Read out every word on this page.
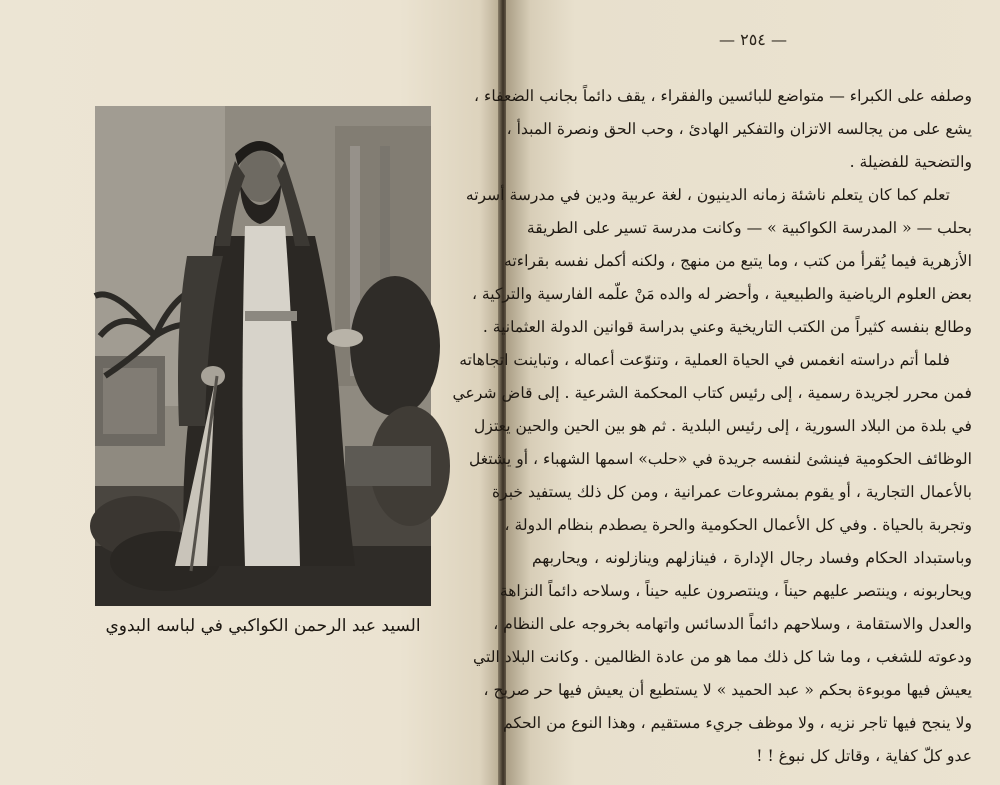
السيد عبد الرحمن الكواكبي في لباسه البدوي
— ٢٥٤ —
وصلفه على الكبراء — متواضع للبائسين والفقراء ، يقف دائماً بجانب الضعفاء ،
يشع على من يجالسه الاتزان والتفكير الهادئ ، وحب الحق ونصرة المبدأ ،
والتضحية للفضيلة .
تعلم كما كان يتعلم ناشئة زمانه الدينيون ، لغة عربية ودين في مدرسة أسرته
بحلب — « المدرسة الكواكبية » — وكانت مدرسة تسير على الطريقة
الأزهرية فيما يُقرأ من كتب ، وما يتبع من منهج ، ولكنه أكمل نفسه بقراءته
بعض العلوم الرياضية والطبيعية ، وأحضر له والده مَنْ علّمه الفارسية والتركية ،
وطالع بنفسه كثيراً من الكتب التاريخية وعني بدراسة قوانين الدولة العثمانية .
فلما أتم دراسته انغمس في الحياة العملية ، وتنوّعت أعماله ، وتباينت اتجاهاته
فمن محرر لجريدة رسمية ، إلى رئيس كتاب المحكمة الشرعية . إلى قاض شرعي
في بلدة من البلاد السورية ، إلى رئيس البلدية . ثم هو بين الحين والحين يعتزل
الوظائف الحكومية فينشئ لنفسه جريدة في «حلب» اسمها الشهباء ، أو يشتغل
بالأعمال التجارية ، أو يقوم بمشروعات عمرانية ، ومن كل ذلك يستفيد خبرة
وتجربة بالحياة . وفي كل الأعمال الحكومية والحرة يصطدم بنظام الدولة ،
وباستبداد الحكام وفساد رجال الإدارة ، فينازلهم وينازلونه ، ويحاربهم
ويحاربونه ، وينتصر عليهم حيناً ، وينتصرون عليه حيناً ، وسلاحه دائماً النزاهة
والعدل والاستقامة ، وسلاحهم دائماً الدسائس واتهامه بخروجه على النظام ،
ودعوته للشغب ، وما شا كل ذلك مما هو من عادة الظالمين . وكانت البلاد التي
يعيش فيها موبوءة بحكم « عبد الحميد » لا يستطيع أن يعيش فيها حر صريح ،
ولا ينجح فيها تاجر نزيه ، ولا موظف جريء مستقيم ، وهذا النوع من الحكم
عدو كلّ كفاية ، وقاتل كل نبوغ ! !
